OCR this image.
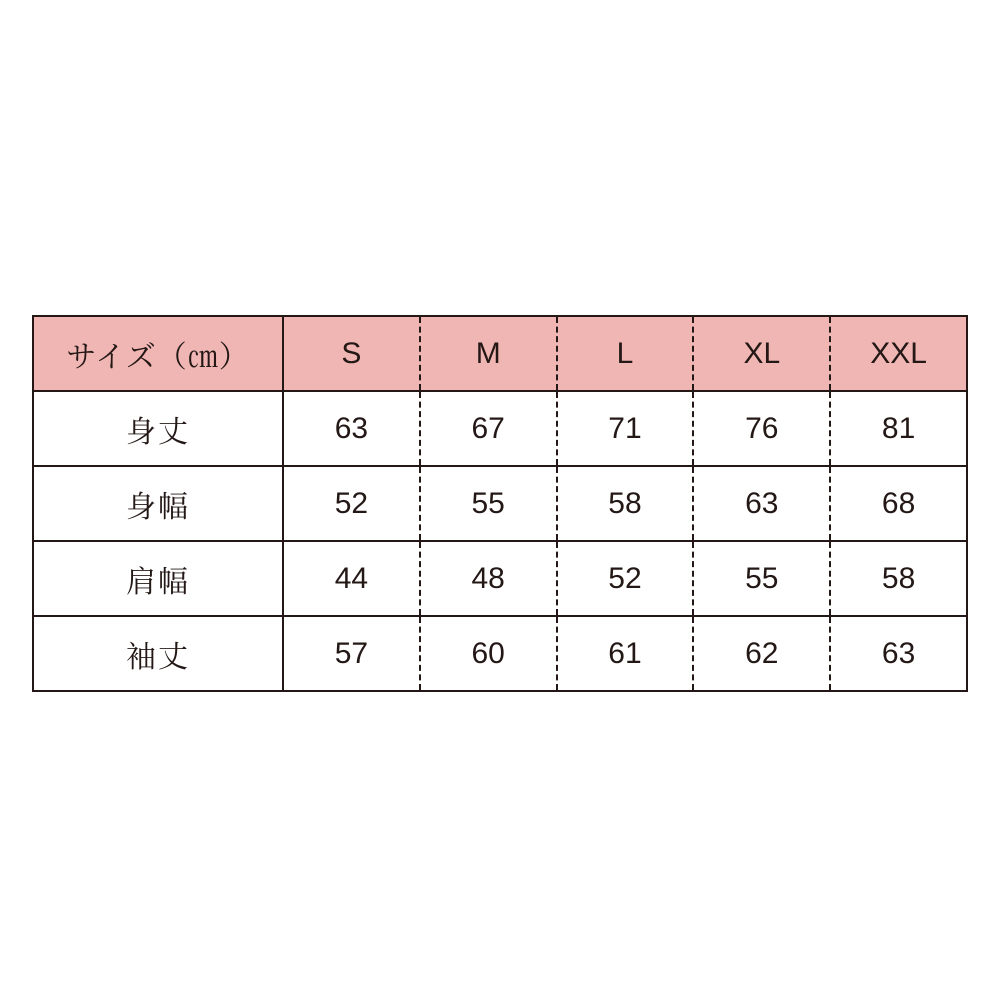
サイズ（㎝）	S	M	L	XL	XXL
身丈	63	67	71	76	81
身幅	52	55	58	63	68
肩幅	44	48	52	55	58
袖丈	57	60	61	62	63
